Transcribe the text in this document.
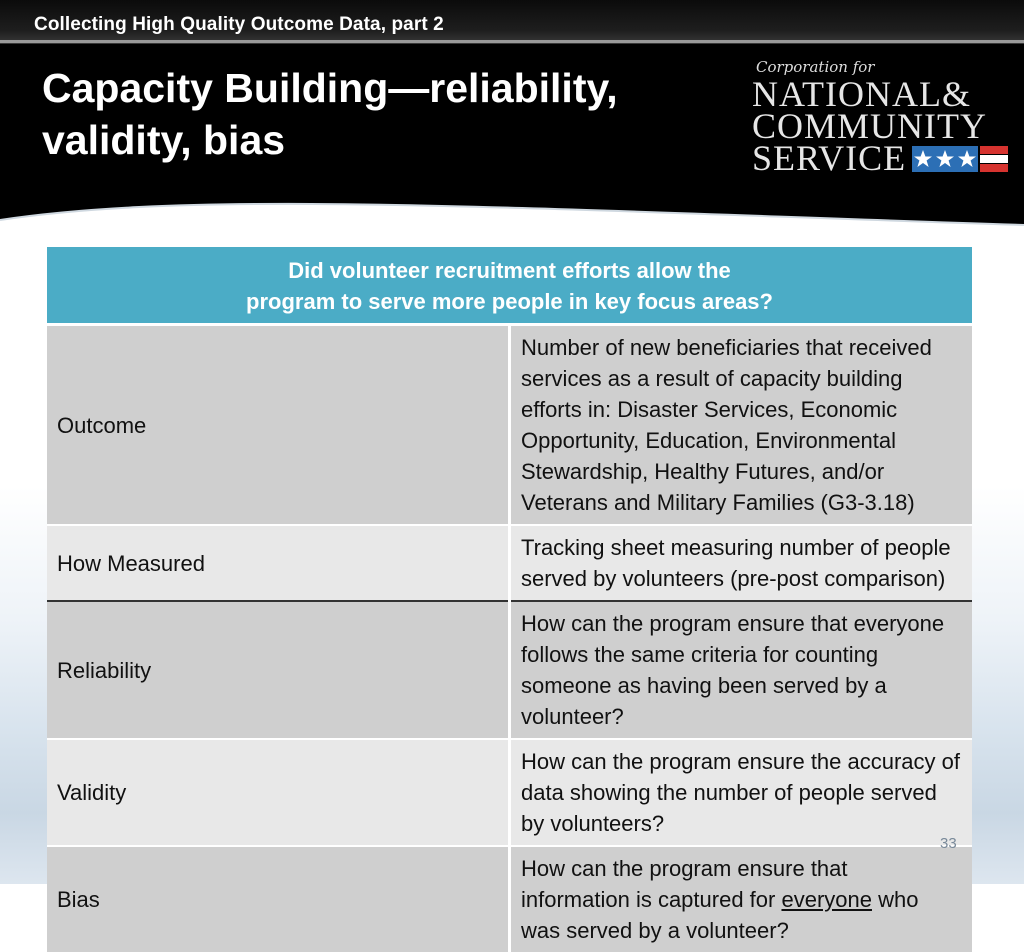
Collecting High Quality Outcome Data, part 2
Capacity Building—reliability,
validity, bias
Corporation for
NATIONAL&
COMMUNITY
SERVICE
Did volunteer recruitment efforts allow the
program to serve more people in key focus areas?	

Outcome	Number of new beneficiaries that received services as a result of capacity building efforts in: Disaster Services, Economic Opportunity, Education, Environmental Stewardship, Healthy Futures, and/or Veterans and Military Families (G3-3.18)
How Measured	Tracking sheet measuring number of people served by volunteers (pre-post comparison)
Reliability	How can the program ensure that everyone follows the same criteria for counting someone as having been served by a volunteer?
Validity	How can the program ensure the accuracy of data showing the number of people served by volunteers?
Bias	How can the program ensure that information is captured for everyone who was served by a volunteer?
33
